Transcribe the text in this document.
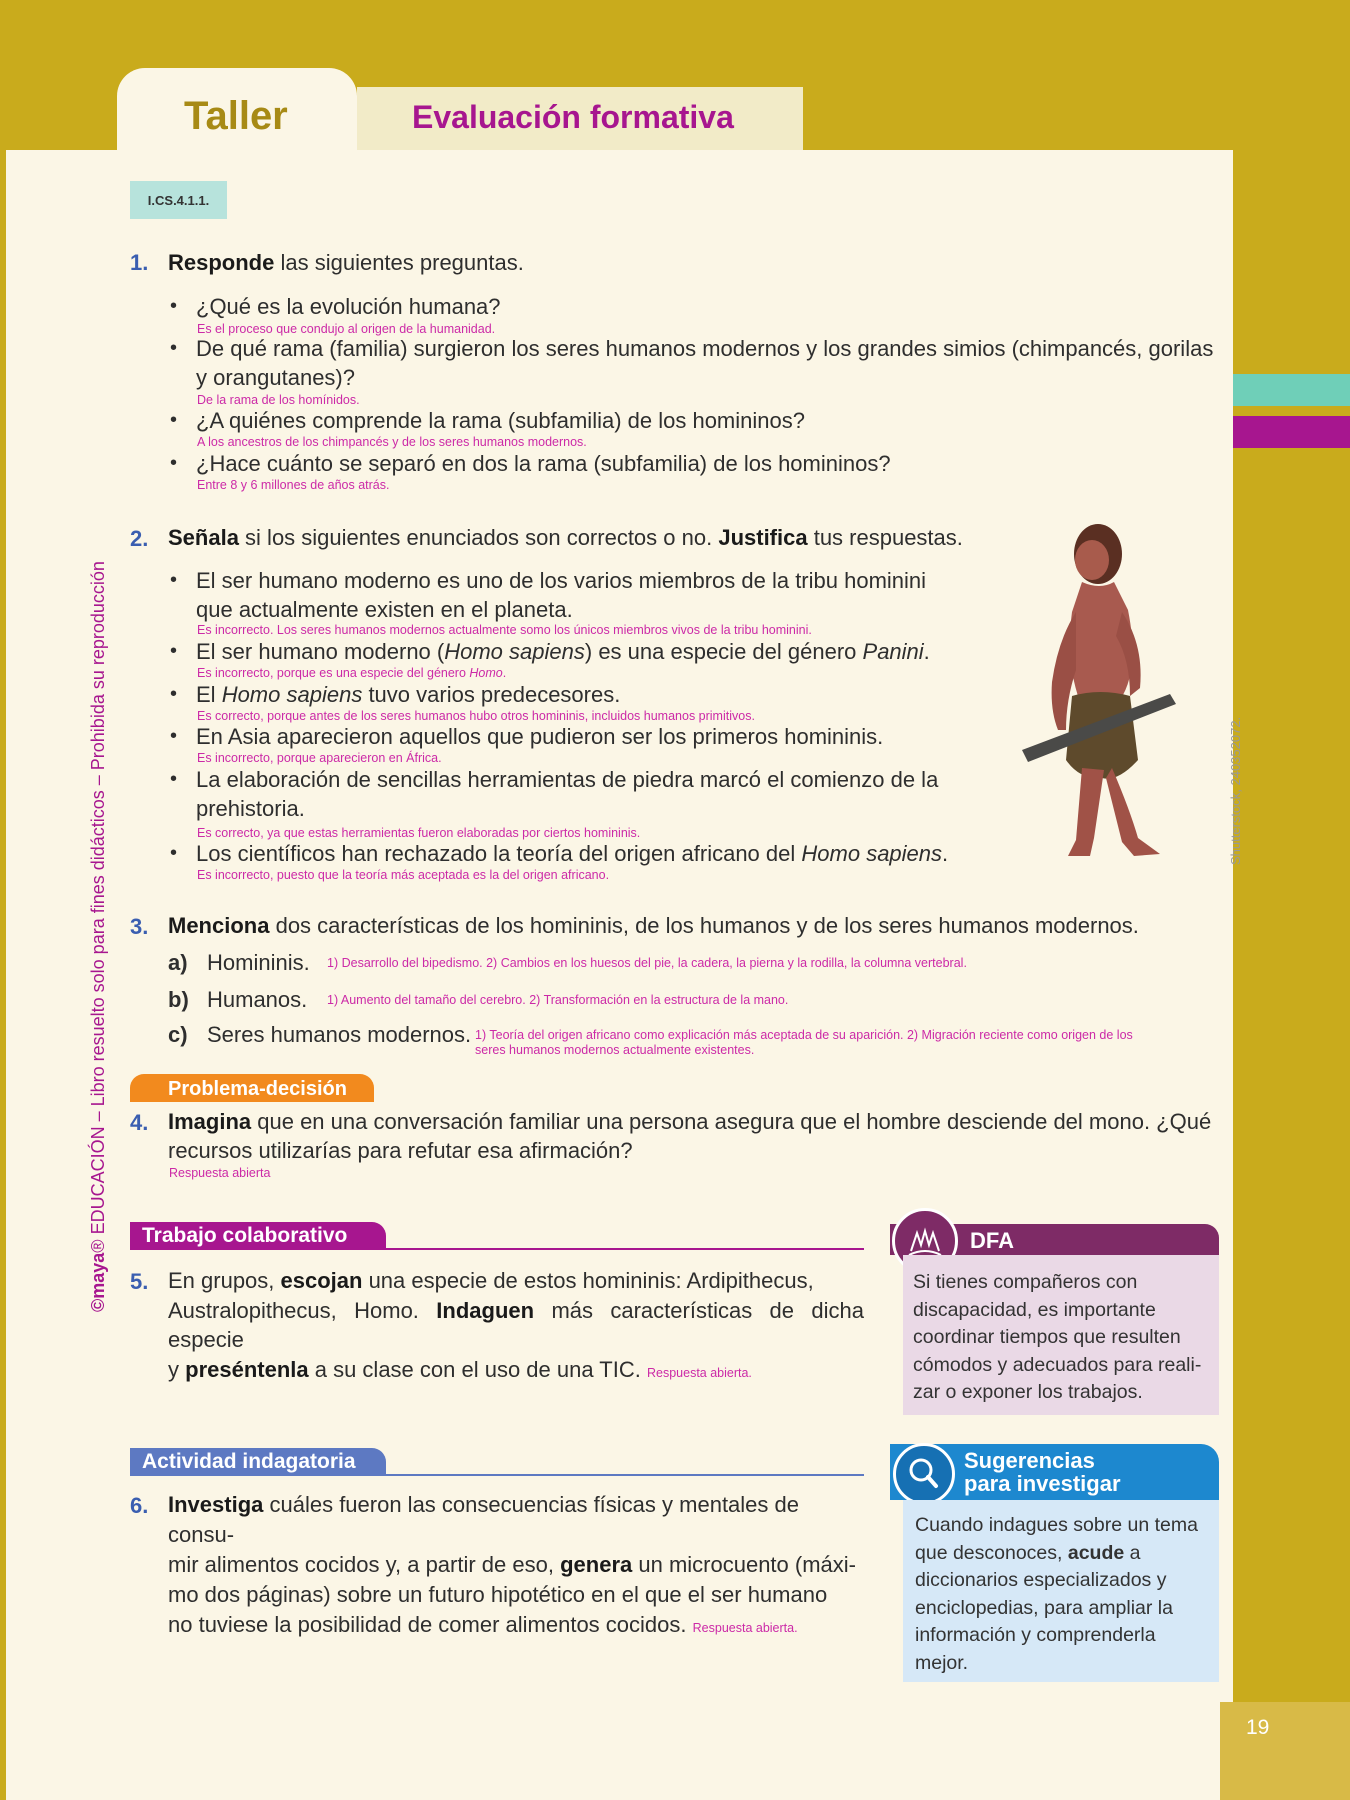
Taller	Evaluación formativa
I.CS.4.1.1.
©maya® EDUCACIÓN – Libro resuelto solo para fines didácticos – Prohibida su reproducción
1. Responde las siguientes preguntas.
• ¿Qué es la evolución humana?
Es el proceso que condujo al origen de la humanidad.
• De qué rama (familia) surgieron los seres humanos modernos y los grandes simios (chimpancés, gorilas
y orangutanes)?
De la rama de los homínidos.
• ¿A quiénes comprende la rama (subfamilia) de los homininos?
A los ancestros de los chimpancés y de los seres humanos modernos.
• ¿Hace cuánto se separó en dos la rama (subfamilia) de los homininos?
Entre 8 y 6 millones de años atrás.
2. Señala si los siguientes enunciados son correctos o no. Justifica tus respuestas.
• El ser humano moderno es uno de los varios miembros de la tribu hominini
que actualmente existen en el planeta.
Es incorrecto. Los seres humanos modernos actualmente somo los únicos miembros vivos de la tribu hominini.
• El ser humano moderno (Homo sapiens) es una especie del género Panini.
Es incorrecto, porque es una especie del género Homo.
• El Homo sapiens tuvo varios predecesores.
Es correcto, porque antes de los seres humanos hubo otros homininis, incluidos humanos primitivos.
• En Asia aparecieron aquellos que pudieron ser los primeros homininis.
Es incorrecto, porque aparecieron en África.
• La elaboración de sencillas herramientas de piedra marcó el comienzo de la
prehistoria.
Es correcto, ya que estas herramientas fueron elaboradas por ciertos homininis.
• Los científicos han rechazado la teoría del origen africano del Homo sapiens.
Es incorrecto, puesto que la teoría más aceptada es la del origen africano.
Shutterstock, 240352072.
3. Menciona dos características de los homininis, de los humanos y de los seres humanos modernos.
a) Homininis. 1) Desarrollo del bipedismo. 2) Cambios en los huesos del pie, la cadera, la pierna y la rodilla, la columna vertebral.
b) Humanos. 1) Aumento del tamaño del cerebro. 2) Transformación en la estructura de la mano.
c) Seres humanos modernos. 1) Teoría del origen africano como explicación más aceptada de su aparición. 2) Migración reciente como origen de los
seres humanos modernos actualmente existentes.
Problema-decisión
4. Imagina que en una conversación familiar una persona asegura que el hombre desciende del mono. ¿Qué
recursos utilizarías para refutar esa afirmación?
Respuesta abierta
Trabajo colaborativo
5. En grupos, escojan una especie de estos homininis: Ardipithecus,
Australopithecus, Homo. Indaguen más características de dicha especie
y preséntenla a su clase con el uso de una TIC. Respuesta abierta.
DFA
Si tienes compañeros con
discapacidad, es importante
coordinar tiempos que resulten
cómodos y adecuados para reali-
zar o exponer los trabajos.
Actividad indagatoria
6. Investiga cuáles fueron las consecuencias físicas y mentales de consu-
mir alimentos cocidos y, a partir de eso, genera un microcuento (máxi-
mo dos páginas) sobre un futuro hipotético en el que el ser humano
no tuviese la posibilidad de comer alimentos cocidos. Respuesta abierta.
Sugerencias
para investigar
Cuando indagues sobre un tema
que desconoces, acude a
diccionarios especializados y
enciclopedias, para ampliar la
información y comprenderla
mejor.
19
